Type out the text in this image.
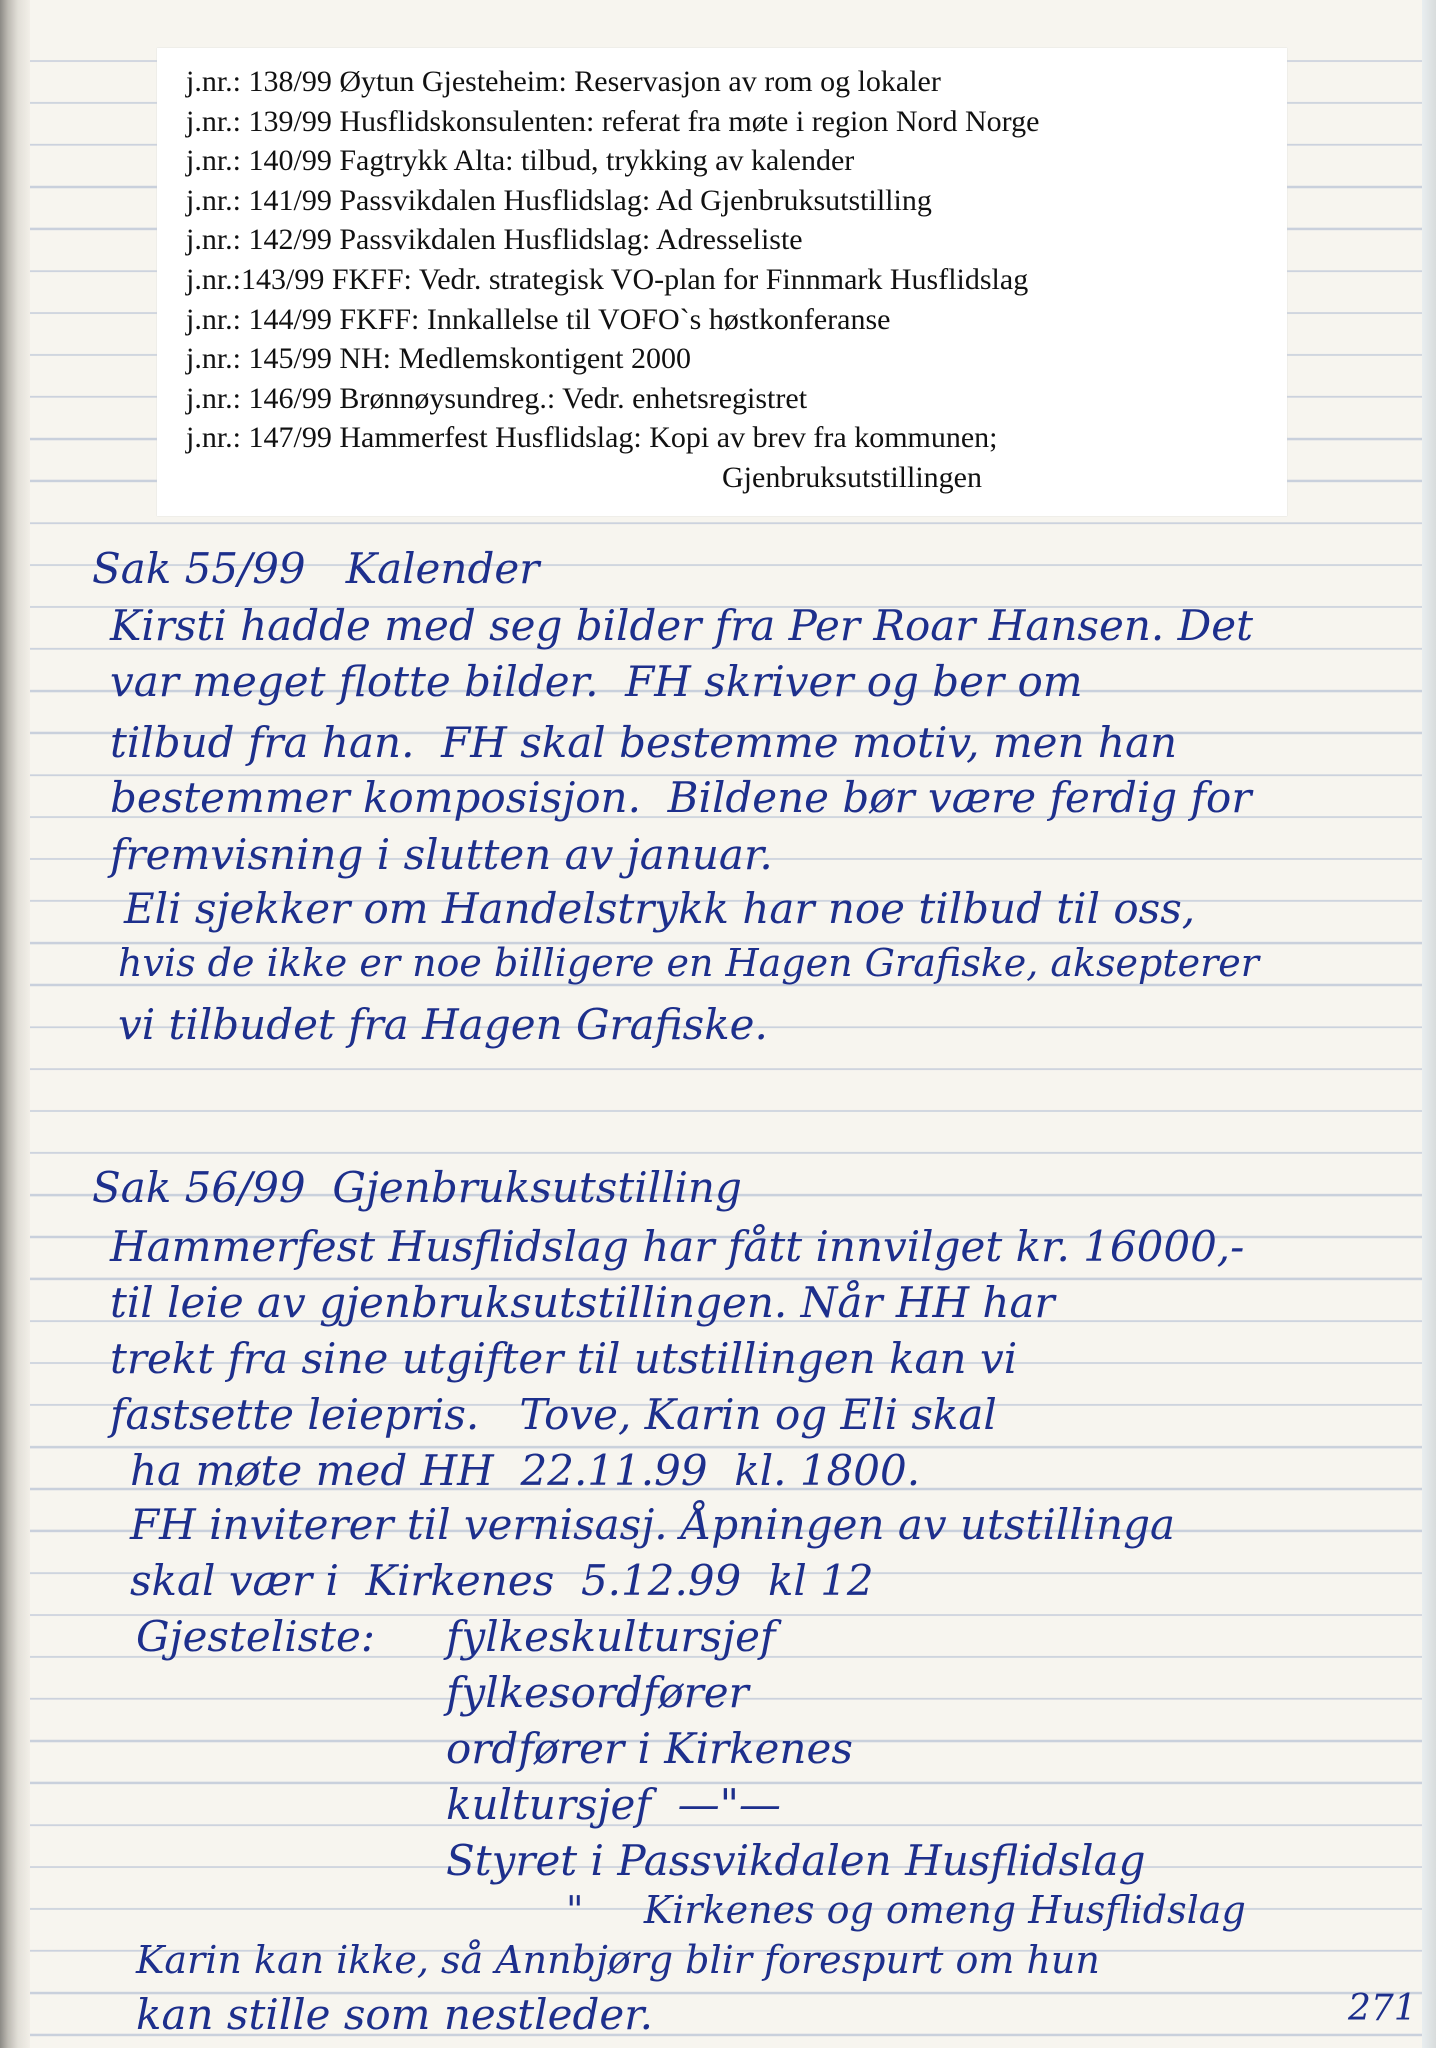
j.nr.: 138/99 Øytun Gjesteheim: Reservasjon av rom og lokaler
j.nr.: 139/99 Husflidskonsulenten: referat fra møte i region Nord Norge
j.nr.: 140/99 Fagtrykk Alta: tilbud, trykking av kalender
j.nr.: 141/99 Passvikdalen Husflidslag: Ad Gjenbruksutstilling
j.nr.: 142/99 Passvikdalen Husflidslag: Adresseliste
j.nr.:143/99 FKFF: Vedr. strategisk VO-plan for Finnmark Husflidslag
j.nr.: 144/99 FKFF: Innkallelse til VOFO`s høstkonferanse
j.nr.: 145/99 NH: Medlemskontigent 2000
j.nr.: 146/99 Brønnøysundreg.: Vedr. enhetsregistret
j.nr.: 147/99 Hammerfest Husflidslag: Kopi av brev fra kommunen;
Gjenbruksutstillingen
Sak 55/99   Kalender
Kirsti hadde med seg bilder fra Per Roar Hansen. Det
var meget flotte bilder.  FH skriver og ber om
tilbud fra han.  FH skal bestemme motiv, men han
bestemmer komposisjon.  Bildene bør være ferdig for
fremvisning i slutten av januar.
Eli sjekker om Handelstrykk har noe tilbud til oss,
hvis de ikke er noe billigere en Hagen Grafiske, aksepterer
vi tilbudet fra Hagen Grafiske.
Sak 56/99  Gjenbruksutstilling
Hammerfest Husflidslag har fått innvilget kr. 16000,-
til leie av gjenbruksutstillingen. Når HH har
trekt fra sine utgifter til utstillingen kan vi
fastsette leiepris.   Tove, Karin og Eli skal
ha møte med HH  22.11.99  kl. 1800.
FH inviterer til vernisasj. Åpningen av utstillinga
skal vær i  Kirkenes  5.12.99  kl 12
Gjesteliste: fylkeskultursjef
fylkesordfører
ordfører i Kirkenes
kultursjef  —"—
Styret i Passvikdalen Husflidslag
"     Kirkenes og omeng Husflidslag
Karin kan ikke, så Annbjørg blir forespurt om hun
kan stille som nestleder.	271
